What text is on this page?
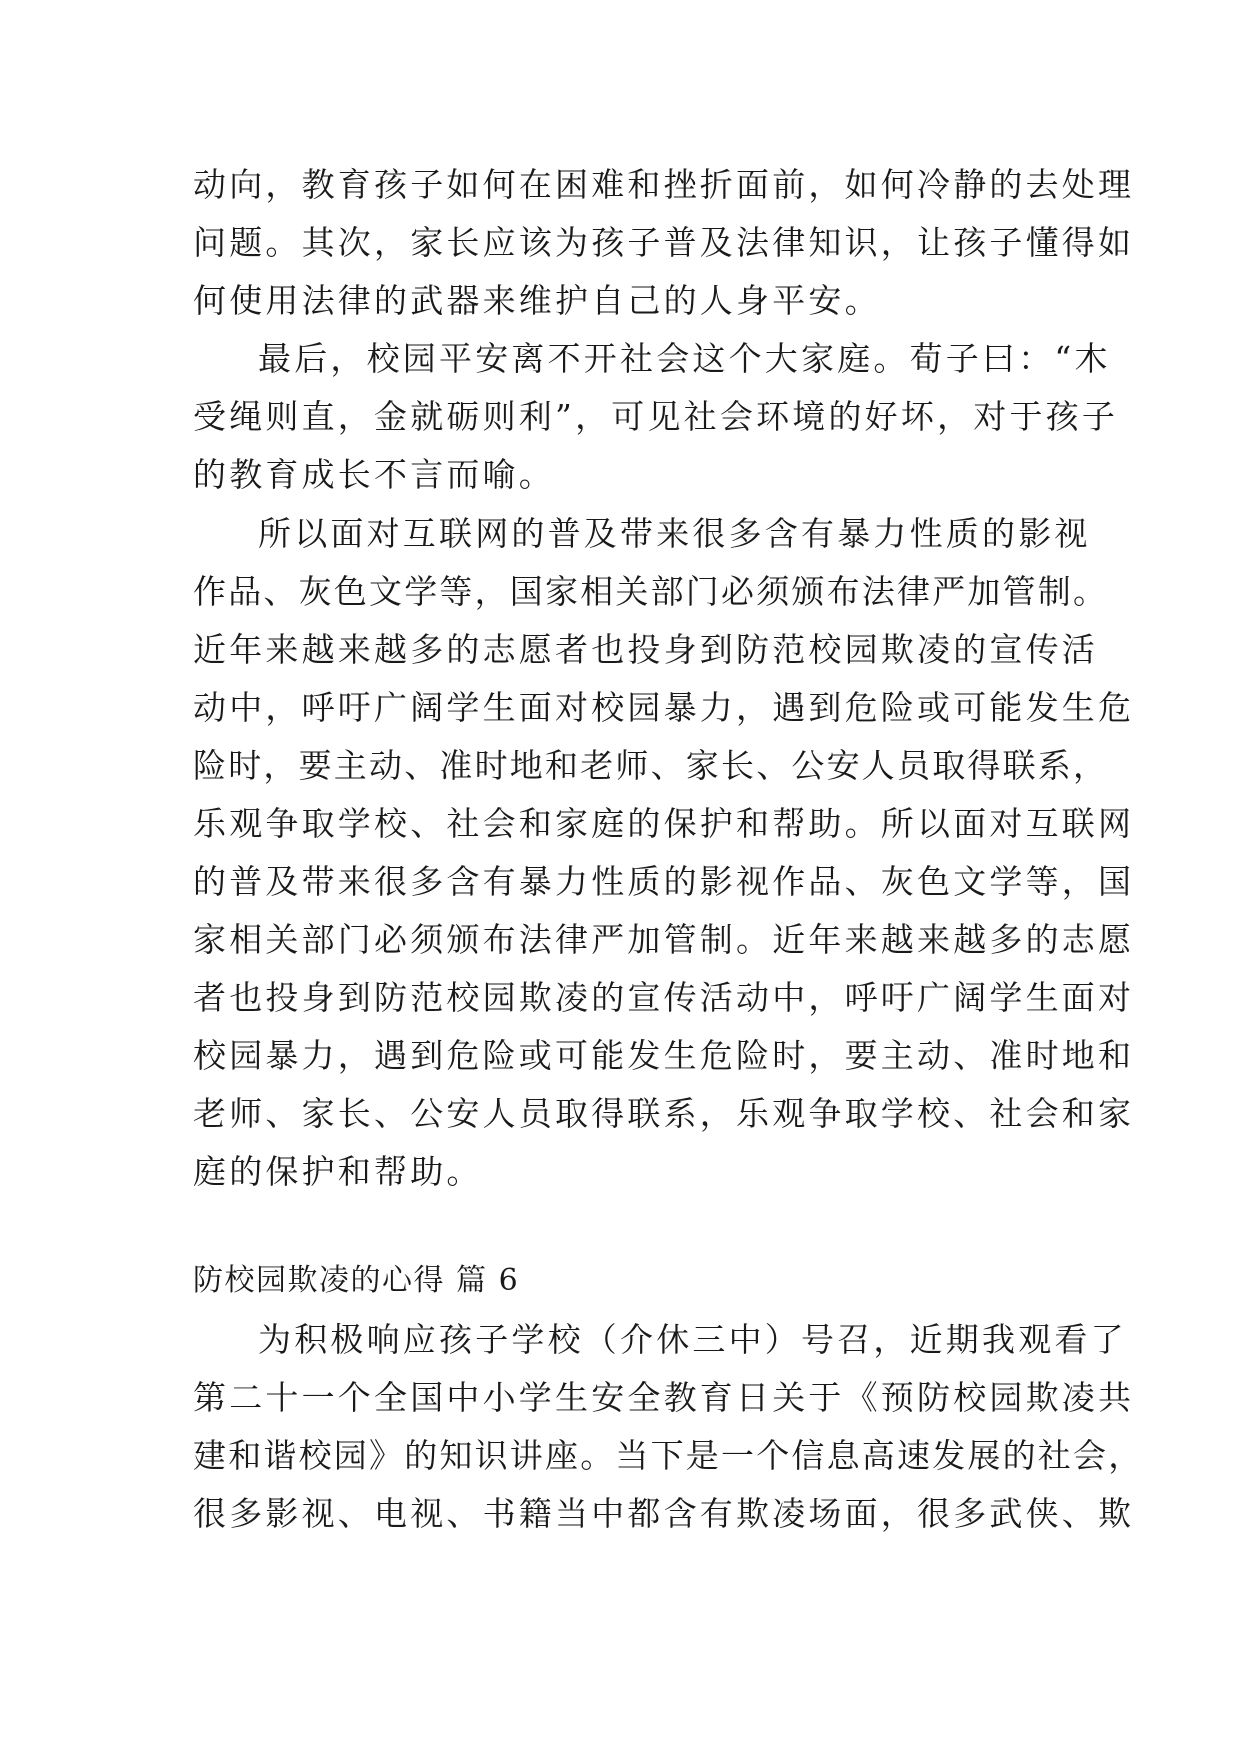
动向，教育孩子如何在困难和挫折面前，如何冷静的去处理
问题。其次，家长应该为孩子普及法律知识，让孩子懂得如
何使用法律的武器来维护自己的人身平安。
最后，校园平安离不开社会这个大家庭。荀子曰：“木
受绳则直，金就砺则利”，可见社会环境的好坏，对于孩子
的教育成长不言而喻。
所以面对互联网的普及带来很多含有暴力性质的影视
作品、灰色文学等，国家相关部门必须颁布法律严加管制。
近年来越来越多的志愿者也投身到防范校园欺凌的宣传活
动中，呼吁广阔学生面对校园暴力，遇到危险或可能发生危
险时，要主动、准时地和老师、家长、公安人员取得联系，
乐观争取学校、社会和家庭的保护和帮助。所以面对互联网
的普及带来很多含有暴力性质的影视作品、灰色文学等，国
家相关部门必须颁布法律严加管制。近年来越来越多的志愿
者也投身到防范校园欺凌的宣传活动中，呼吁广阔学生面对
校园暴力，遇到危险或可能发生危险时，要主动、准时地和
老师、家长、公安人员取得联系，乐观争取学校、社会和家
庭的保护和帮助。
防校园欺凌的心得 篇 6
为积极响应孩子学校（介休三中）号召，近期我观看了
第二十一个全国中小学生安全教育日关于《预防校园欺凌共
建和谐校园》的知识讲座。当下是一个信息高速发展的社会，
很多影视、电视、书籍当中都含有欺凌场面，很多武侠、欺
